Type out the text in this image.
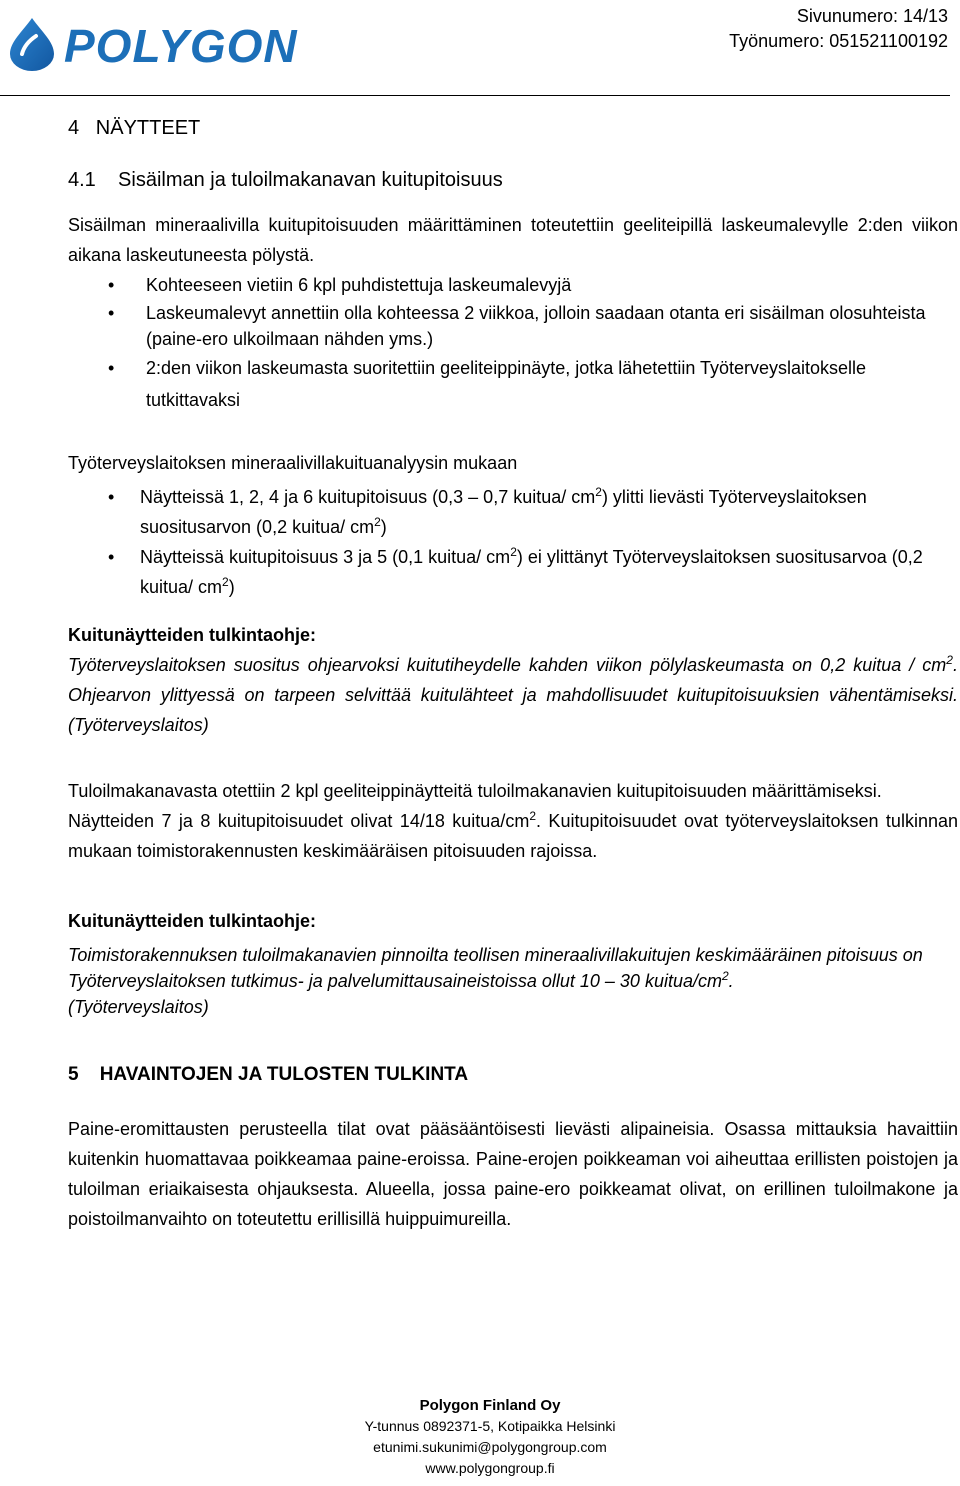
POLYGON
Sivunumero: 14/13
Työnumero: 051521100192
4 NÄYTTEET
4.1 Sisäilman ja tuloilmakanavan kuitupitoisuus

Sisäilman mineraalivilla kuitupitoisuuden määrittäminen toteutettiin geeliteipillä laskeumalevylle 2:den viikon aikana laskeutuneesta pölystä.

• Kohteeseen vietiin 6 kpl puhdistettuja laskeumalevyjä
• Laskeumalevyt annettiin olla kohteessa 2 viikkoa, jolloin saadaan otanta eri sisäilman olosuhteista (paine-ero ulkoilmaan nähden yms.)
• 2:den viikon laskeumasta suoritettiin geeliteippinäyte, jotka lähetettiin Työterveyslaitokselle tutkittavaksi

Työterveyslaitoksen mineraalivillakuituanalyysin mukaan

• Näytteissä 1, 2, 4 ja 6 kuitupitoisuus (0,3 – 0,7 kuitua/ $cm^2$) ylitti lievästi Työterveyslaitoksen suositusarvon (0,2 kuitua/ $cm^2$)
• Näytteissä kuitupitoisuus 3 ja 5 (0,1 kuitua/ $cm^2$) ei ylittänyt Työterveyslaitoksen suositusarvoa (0,2 kuitua/ $cm^2$)

Kuitunäytteiden tulkintaohje:

Työterveyslaitoksen suositus ohjearvoksi kuitutiheydelle kahden viikon pölylaskeumasta on 0,2 kuitua / $cm^2$. Ohjearvon ylittyessä on tarpeen selvittää kuitulähteet ja mahdollisuudet kuitupitoisuuksien vähentämiseksi.(Työterveyslaitos)

Tuloilmakanavasta otettiin 2 kpl geeliteippinäytteitä tuloilmakanavien kuitupitoisuuden määrittämiseksi.

Näytteiden 7 ja 8 kuitupitoisuudet olivat 14/18 kuitua/$cm^2$. Kuitupitoisuudet ovat työterveyslaitoksen tulkinnan mukaan toimistorakennusten keskimääräisen pitoisuuden rajoissa.

Kuitunäytteiden tulkintaohje:

Toimistorakennuksen tuloilmakanavien pinnoilta teollisen mineraalivillakuitujen keskimääräinen pitoisuus on Työterveyslaitoksen tutkimus- ja palvelumittausaineistoissa ollut 10 – 30 kuitua/$cm^2$.

(Työterveyslaitos)

5 HAVAINTOJEN JA TULOSTEN TULKINTA

Paine-eromittausten perusteella tilat ovat pääsääntöisesti lievästi alipaineisia. Osassa mittauksia havaittiin kuitenkin huomattavaa poikkeamaa paine-eroissa. Paine-erojen poikkeaman voi aiheuttaa erillisten poistojen ja tuloilman eriaikaisesta ohjauksesta. Alueella, jossa paine-ero poikkeamat olivat, on erillinen tuloilmakone ja poistoilmanvaihto on toteutettu erillisillä huippuimureilla.

Polygon Finland Oy
Y-tunnus 0892371-5, Kotipaikka Helsinki
etunimi.sukunimi@polygongroup.com
www.polygongroup.fi
